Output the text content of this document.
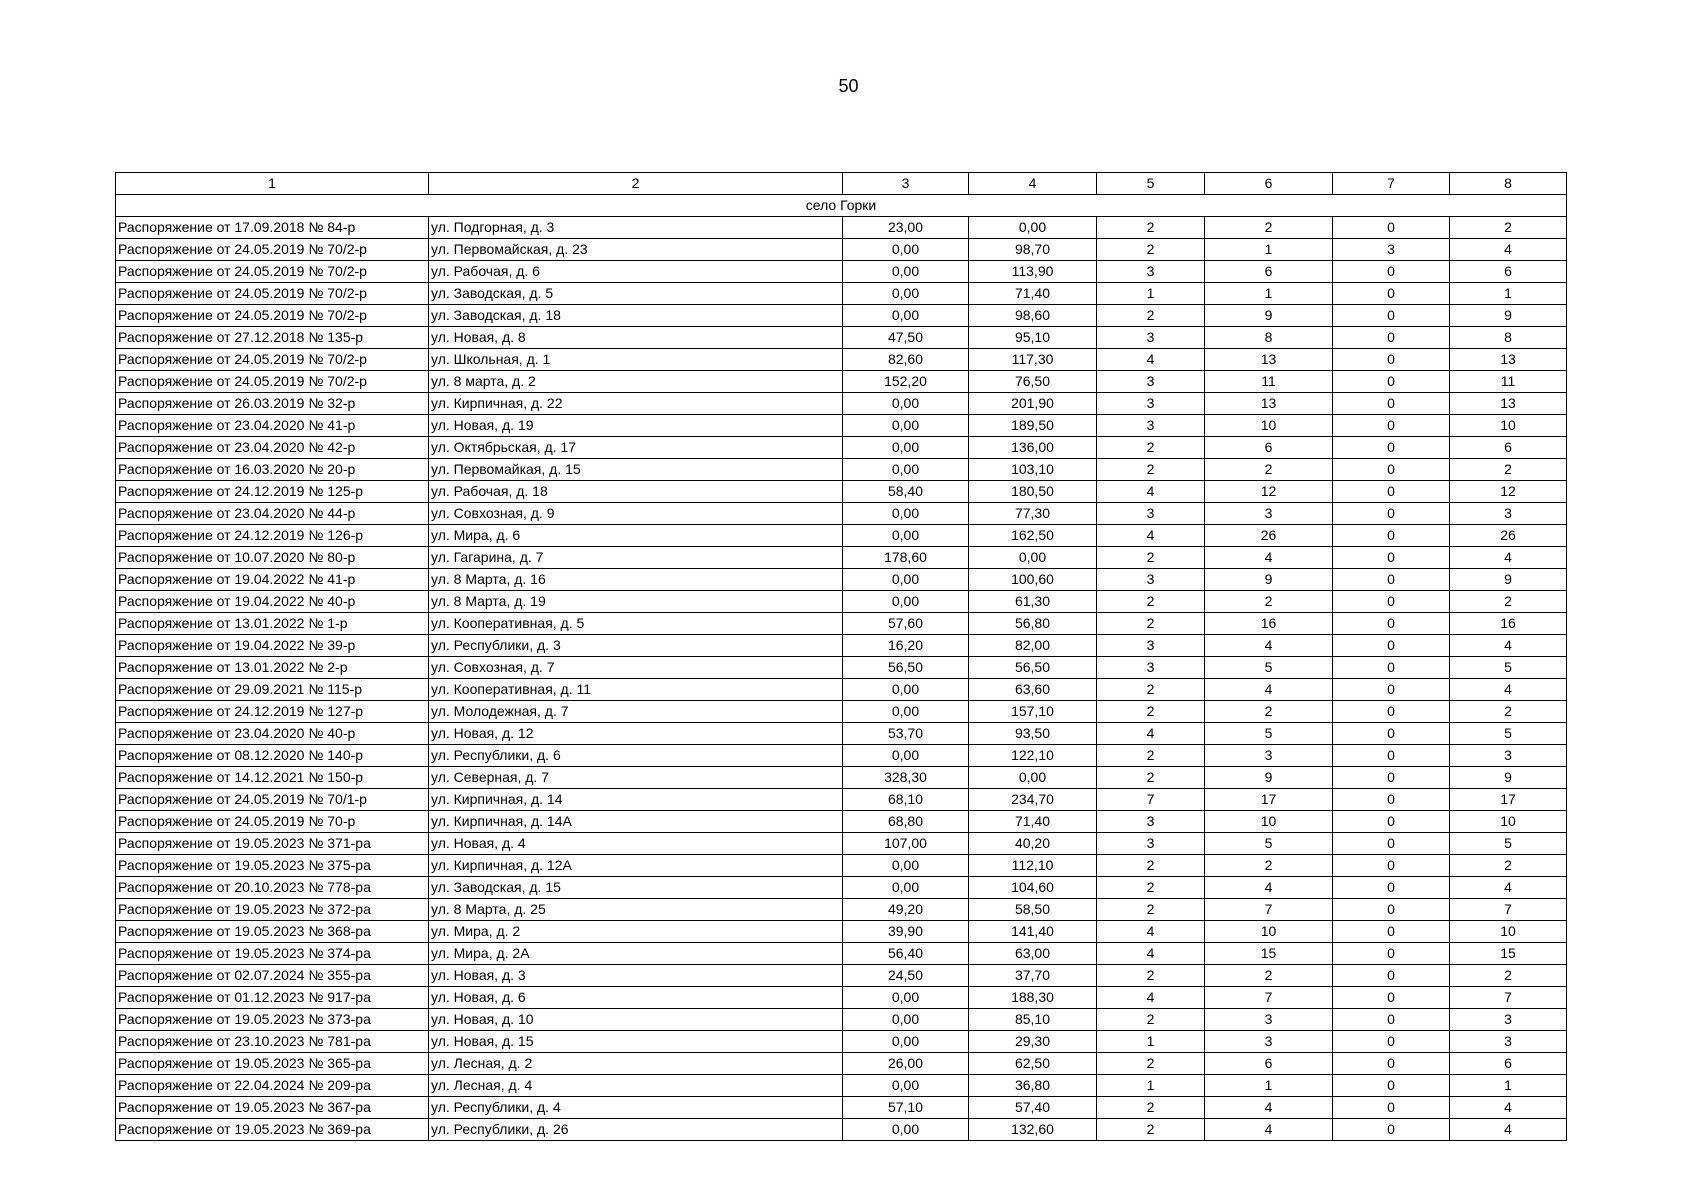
50
1	2	3	4	5	6	7	8
село Горки							
Распоряжение от 17.09.2018 № 84-р	ул. Подгорная, д. 3	23,00	0,00	2	2	0	2
Распоряжение от 24.05.2019 № 70/2-р	ул. Первомайская, д. 23	0,00	98,70	2	1	3	4
Распоряжение от 24.05.2019 № 70/2-р	ул. Рабочая, д. 6	0,00	113,90	3	6	0	6
Распоряжение от 24.05.2019 № 70/2-р	ул. Заводская, д. 5	0,00	71,40	1	1	0	1
Распоряжение от 24.05.2019 № 70/2-р	ул. Заводская, д. 18	0,00	98,60	2	9	0	9
Распоряжение от 27.12.2018 № 135-р	ул. Новая, д. 8	47,50	95,10	3	8	0	8
Распоряжение от 24.05.2019 № 70/2-р	ул. Школьная, д. 1	82,60	117,30	4	13	0	13
Распоряжение от 24.05.2019 № 70/2-р	ул. 8 марта, д. 2	152,20	76,50	3	11	0	11
Распоряжение от 26.03.2019 № 32-р	ул. Кирпичная, д. 22	0,00	201,90	3	13	0	13
Распоряжение от 23.04.2020 № 41-р	ул. Новая, д. 19	0,00	189,50	3	10	0	10
Распоряжение от 23.04.2020 № 42-р	ул. Октябрьская, д. 17	0,00	136,00	2	6	0	6
Распоряжение от 16.03.2020 № 20-р	ул. Первомайкая, д. 15	0,00	103,10	2	2	0	2
Распоряжение от 24.12.2019 № 125-р	ул. Рабочая, д. 18	58,40	180,50	4	12	0	12
Распоряжение от 23.04.2020 № 44-р	ул. Совхозная, д. 9	0,00	77,30	3	3	0	3
Распоряжение от 24.12.2019 № 126-р	ул. Мира, д. 6	0,00	162,50	4	26	0	26
Распоряжение от 10.07.2020 № 80-р	ул. Гагарина, д. 7	178,60	0,00	2	4	0	4
Распоряжение от 19.04.2022 № 41-р	ул. 8 Марта, д. 16	0,00	100,60	3	9	0	9
Распоряжение от 19.04.2022 № 40-р	ул. 8 Марта, д. 19	0,00	61,30	2	2	0	2
Распоряжение от 13.01.2022 № 1-р	ул. Кооперативная, д. 5	57,60	56,80	2	16	0	16
Распоряжение от 19.04.2022 № 39-р	ул. Республики, д. 3	16,20	82,00	3	4	0	4
Распоряжение от 13.01.2022 № 2-р	ул. Совхозная, д. 7	56,50	56,50	3	5	0	5
Распоряжение от 29.09.2021 № 115-р	ул. Кооперативная, д. 11	0,00	63,60	2	4	0	4
Распоряжение от 24.12.2019 № 127-р	ул. Молодежная, д. 7	0,00	157,10	2	2	0	2
Распоряжение от 23.04.2020 № 40-р	ул. Новая, д. 12	53,70	93,50	4	5	0	5
Распоряжение от 08.12.2020 № 140-р	ул. Республики, д. 6	0,00	122,10	2	3	0	3
Распоряжение от 14.12.2021 № 150-р	ул. Северная, д. 7	328,30	0,00	2	9	0	9
Распоряжение от 24.05.2019 № 70/1-р	ул. Кирпичная, д. 14	68,10	234,70	7	17	0	17
Распоряжение от 24.05.2019 № 70-р	ул. Кирпичная, д. 14А	68,80	71,40	3	10	0	10
Распоряжение от 19.05.2023 № 371-ра	ул. Новая, д. 4	107,00	40,20	3	5	0	5
Распоряжение от 19.05.2023 № 375-ра	ул. Кирпичная, д. 12А	0,00	112,10	2	2	0	2
Распоряжение от 20.10.2023 № 778-ра	ул. Заводская, д. 15	0,00	104,60	2	4	0	4
Распоряжение от 19.05.2023 № 372-ра	ул. 8 Марта, д. 25	49,20	58,50	2	7	0	7
Распоряжение от 19.05.2023 № 368-ра	ул. Мира, д. 2	39,90	141,40	4	10	0	10
Распоряжение от 19.05.2023 № 374-ра	ул. Мира, д. 2А	56,40	63,00	4	15	0	15
Распоряжение от 02.07.2024 № 355-ра	ул. Новая, д. 3	24,50	37,70	2	2	0	2
Распоряжение от 01.12.2023 № 917-ра	ул. Новая, д. 6	0,00	188,30	4	7	0	7
Распоряжение от 19.05.2023 № 373-ра	ул. Новая, д. 10	0,00	85,10	2	3	0	3
Распоряжение от 23.10.2023 № 781-ра	ул. Новая, д. 15	0,00	29,30	1	3	0	3
Распоряжение от 19.05.2023 № 365-ра	ул. Лесная, д. 2	26,00	62,50	2	6	0	6
Распоряжение от 22.04.2024 № 209-ра	ул. Лесная, д. 4	0,00	36,80	1	1	0	1
Распоряжение от 19.05.2023 № 367-ра	ул. Республики, д. 4	57,10	57,40	2	4	0	4
Распоряжение от 19.05.2023 № 369-ра	ул. Республики, д. 26	0,00	132,60	2	4	0	4
